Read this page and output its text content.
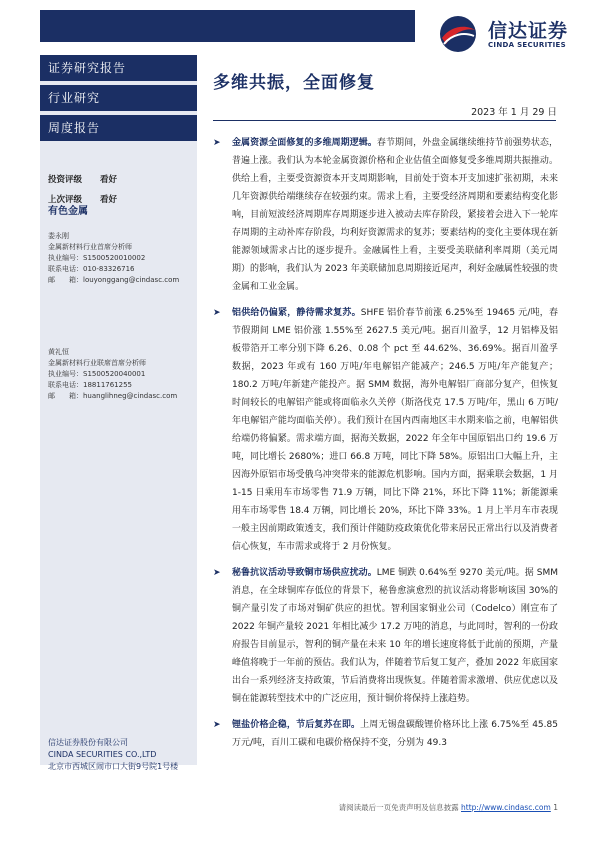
信达证券
CINDA SECURITIES
证券研究报告
行业研究
周度报告
有色金属
投资评级 看好
上次评级 看好
娄永刚
金属新材料行业首席分析师
执业编号：S1500520010002
联系电话：010-83326716
邮　　箱：louyonggang@cindasc.com
黄礼恒
金属新材料行业联席首席分析师
执业编号：S1500520040001
联系电话：18811761255
邮　　箱：huanglihneg@cindasc.com
信达证券股份有限公司
CINDA SECURITIES CO.,LTD
北京市西城区闹市口大街9号院1号楼
多维共振，全面修复
2023 年 1 月 29 日
➤ 金属资源全面修复的多维周期逻辑。春节期间，外盘金属继续维持节前强势状态，普遍上涨。我们认为本轮金属资源价格和企业估值全面修复受多维周期共振推动。供给上看，主要受资源资本开支周期影响，目前处于资本开支加速扩张初期，未来几年资源供给端继续存在较强约束。需求上看，主要受经济周期和要素结构变化影响，目前短波经济周期库存周期逐步进入被动去库存阶段，紧接着会进入下一轮库存周期的主动补库存阶段，均利好资源需求的复苏；要素结构的变化主要体现在新能源领域需求占比的逐步提升。金融属性上看，主要受美联储利率周期（美元周期）的影响，我们认为 2023 年美联储加息周期接近尾声，利好金融属性较强的贵金属和工业金属。
➤ 铝供给仍偏紧，静待需求复苏。SHFE 铝价春节前涨 6.25%至 19465 元/吨，春节假期间 LME 铝价涨 1.55%至 2627.5 美元/吨。据百川盈孚，12 月铝棒及铝板带箔开工率分别下降 6.26、0.08 个 pct 至 44.62%、36.69%。据百川盈孚数据，2023 年或有 160 万吨/年电解铝产能减产；246.5 万吨/年产能复产；180.2 万吨/年新建产能投产。据 SMM 数据，海外电解铝厂商部分复产，但恢复时间较长的电解铝产能或将面临永久关停（斯洛伐克 17.5 万吨/年，黑山 6 万吨/年电解铝产能均面临关停）。我们预计在国内西南地区丰水期来临之前，电解铝供给端仍将偏紧。需求端方面，据海关数据，2022 年全年中国原铝出口约 19.6 万吨，同比增长 2680%；进口 66.8 万吨，同比下降 58%。原铝出口大幅上升，主因海外原铝市场受俄乌冲突带来的能源危机影响。国内方面，据乘联会数据，1 月 1-15 日乘用车市场零售 71.9 万辆，同比下降 21%，环比下降 11%；新能源乘用车市场零售 18.4 万辆，同比增长 20%，环比下降 33%。1 月上半月车市表现一般主因前期政策透支，我们预计伴随防疫政策优化带来居民正常出行以及消费者信心恢复，车市需求或将于 2 月份恢复。
➤ 秘鲁抗议活动导致铜市场供应扰动。LME 铜跌 0.64%至 9270 美元/吨。据 SMM 消息，在全球铜库存低位的背景下，秘鲁愈演愈烈的抗议活动将影响该国 30%的铜产量引发了市场对铜矿供应的担忧。智利国家铜业公司（Codelco）刚宣布了 2022 年铜产量较 2021 年相比减少 17.2 万吨的消息，与此同时，智利的一份政府报告目前显示，智利的铜产量在未来 10 年的增长速度将低于此前的预期，产量峰值将晚于一年前的预估。我们认为，伴随着节后复工复产，叠加 2022 年底国家出台一系列经济支持政策，节后消费将出现恢复。伴随着需求激增、供应优虑以及铜在能源转型技术中的广泛应用，预计铜价将保持上涨趋势。
➤ 锂盐价格企稳，节后复苏在即。上周无锡盘碳酸锂价格环比上涨 6.75%至 45.85 万元/吨，百川工碳和电碳价格保持不变，分别为 49.3
请阅读最后一页免责声明及信息披露 http://www.cindasc.com 1
